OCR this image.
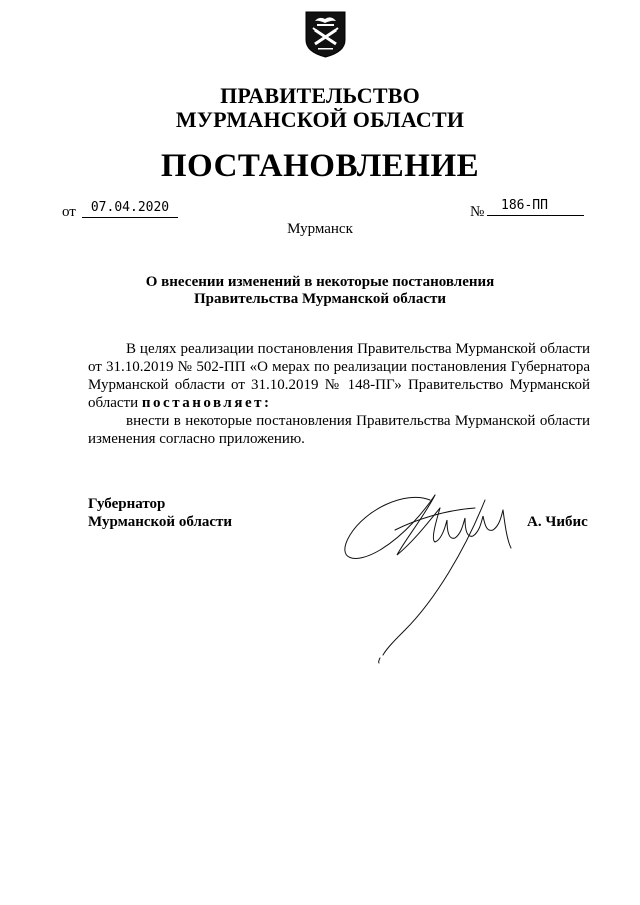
ПРАВИТЕЛЬСТВО
МУРМАНСКОЙ ОБЛАСТИ
ПОСТАНОВЛЕНИЕ
от	07.04.2020	№	186-ПП
Мурманск
О внесении изменений в некоторые постановления
Правительства Мурманской области

В целях реализации постановления Правительства Мурманской области от 31.10.2019 № 502-ПП «О мерах по реализации постановления Губернатора Мурманской области от 31.10.2019 № 148-ПГ» Правительство Мурманской области постановляет:

внести в некоторые постановления Правительства Мурманской области изменения согласно приложению.

Губернатор
Мурманской области	А. Чибис
